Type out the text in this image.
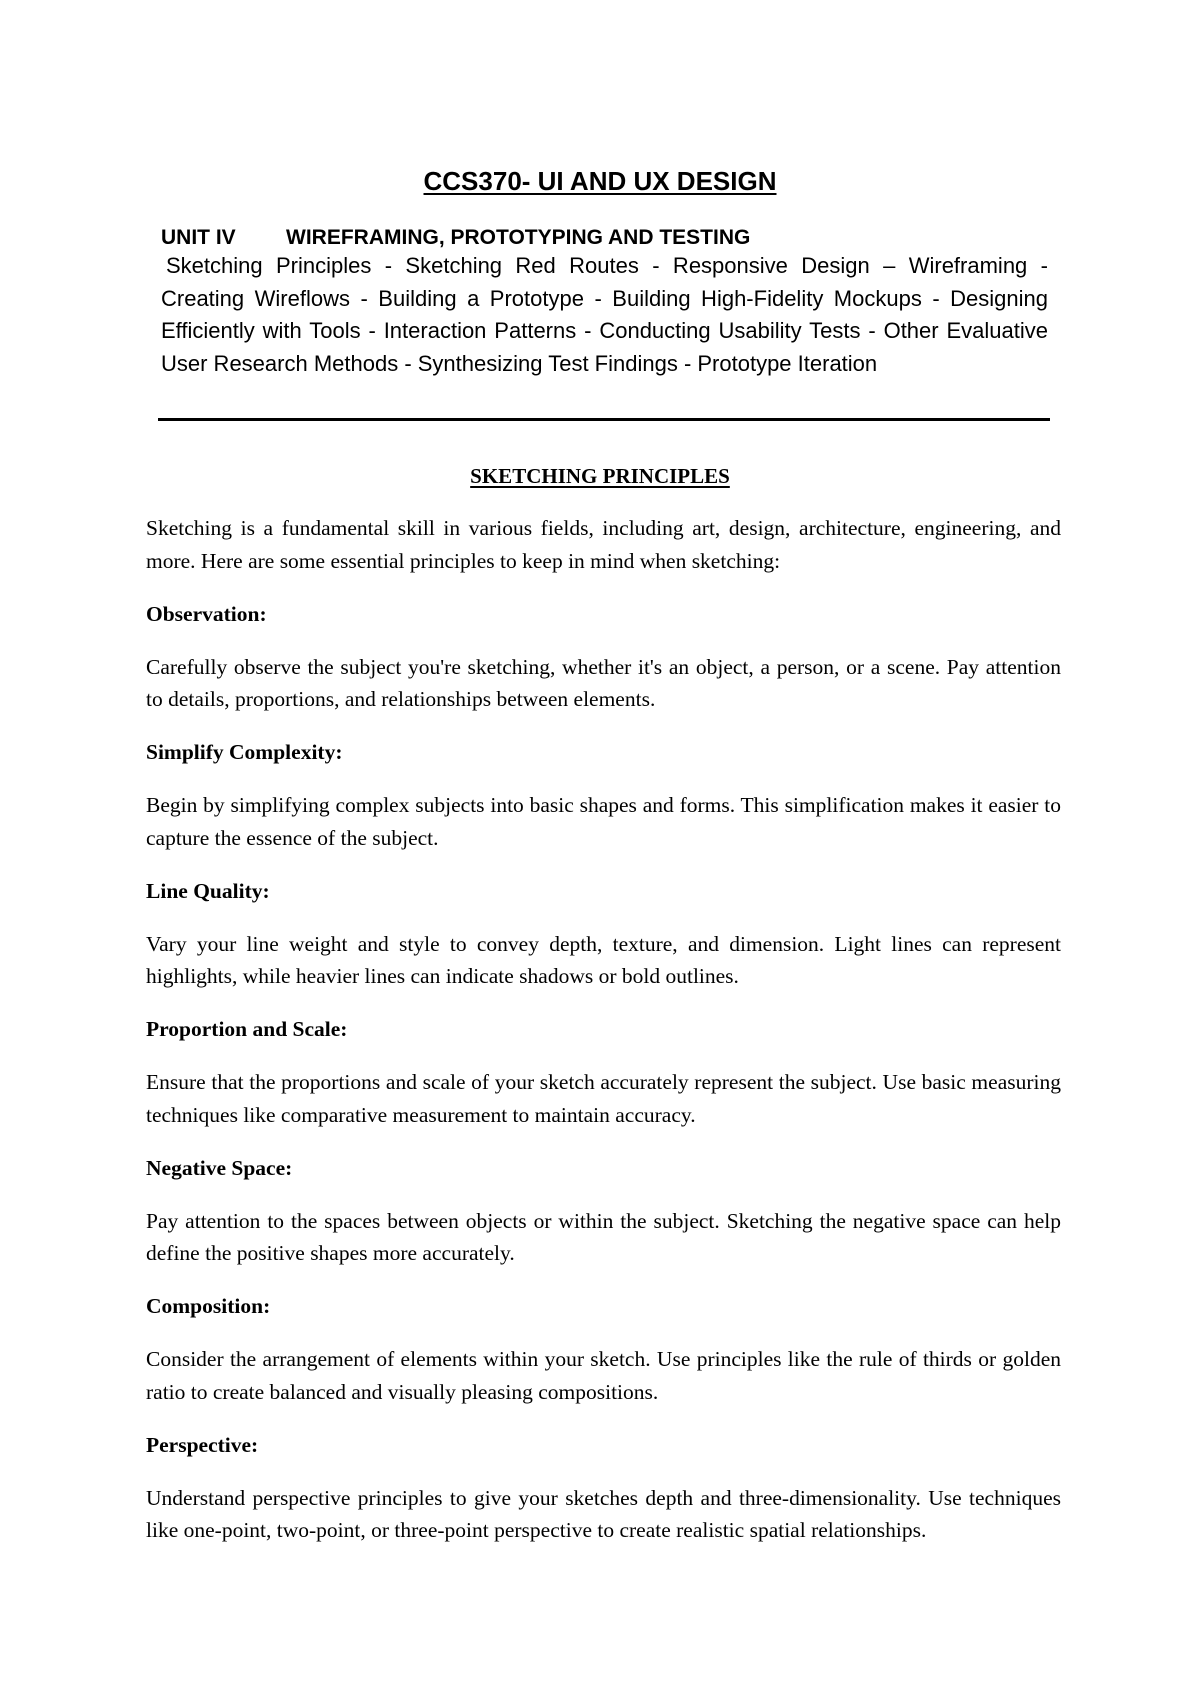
CCS370- UI AND UX DESIGN
UNIT IV WIREFRAMING, PROTOTYPING AND TESTING
Sketching Principles - Sketching Red Routes - Responsive Design – Wireframing - Creating Wireflows - Building a Prototype - Building High-Fidelity Mockups - Designing Efficiently with Tools - Interaction Patterns - Conducting Usability Tests - Other Evaluative User Research Methods - Synthesizing Test Findings - Prototype Iteration
SKETCHING PRINCIPLES

Sketching is a fundamental skill in various fields, including art, design, architecture, engineering, and more. Here are some essential principles to keep in mind when sketching:

Observation:

Carefully observe the subject you're sketching, whether it's an object, a person, or a scene. Pay attention to details, proportions, and relationships between elements.

Simplify Complexity:

Begin by simplifying complex subjects into basic shapes and forms. This simplification makes it easier to capture the essence of the subject.

Line Quality:

Vary your line weight and style to convey depth, texture, and dimension. Light lines can represent highlights, while heavier lines can indicate shadows or bold outlines.

Proportion and Scale:

Ensure that the proportions and scale of your sketch accurately represent the subject. Use basic measuring techniques like comparative measurement to maintain accuracy.

Negative Space:

Pay attention to the spaces between objects or within the subject. Sketching the negative space can help define the positive shapes more accurately.

Composition:

Consider the arrangement of elements within your sketch. Use principles like the rule of thirds or golden ratio to create balanced and visually pleasing compositions.

Perspective:

Understand perspective principles to give your sketches depth and three-dimensionality. Use techniques like one-point, two-point, or three-point perspective to create realistic spatial relationships.
